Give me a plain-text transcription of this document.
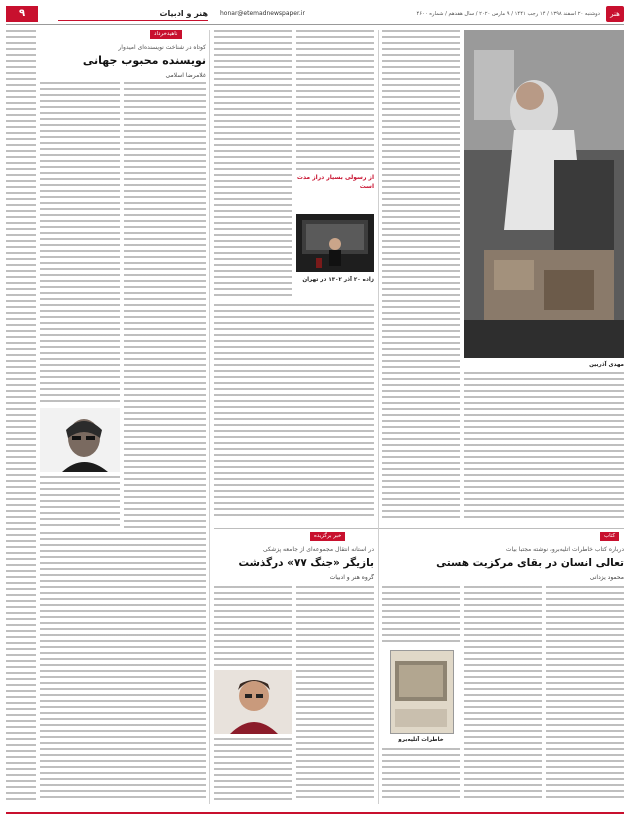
هنر
دوشنبه ۲۰ اسفند ۱۳۹۸ / ۱۴ رجب ۱۴۴۱ / ۹ مارس ۲۰۲۰ / سال هفدهم / شماره ۴۶۰۰
honar@etemadnewspaper.ir
هنر و ادبیات
۹
ناهیدخرداد
کوتاه در شناخت نویسنده‌ای امیدوار
نویسنده محبوب جهانی
غلامرضا اسلامی
از رسولی بسیار دراز مدت است
زاده ۲۰ آذر ۱۳۰۲ در تهران
خبر برگزیده
در آستانه انتقال مجموعه‌ای از جامعه پزشکی
بازیگر «جنگ ۷۷» درگذشت
گروه هنر و ادبیات
مهدی آذربین
کتاب
درباره کتاب خاطرات آتلیه‌برو، نوشته مجتبا بیات
تعالی انسان در بقای مرکزیت هستی
محمود یزدانی
خاطرات آتلیه‌برو
